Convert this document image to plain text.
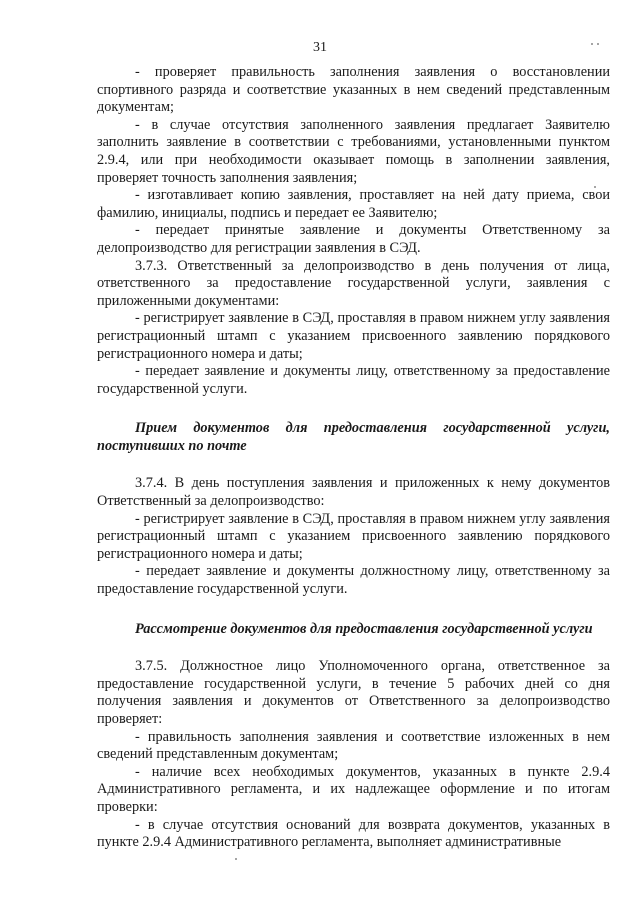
31

- проверяет правильность заполнения заявления о восстановлении спортивного разряда и соответствие указанных в нем сведений представленным документам;

- в случае отсутствия заполненного заявления предлагает Заявителю заполнить заявление в соответствии с требованиями, установленными пунктом 2.9.4, или при необходимости оказывает помощь в заполнении заявления, проверяет точность заполнения заявления;

- изготавливает копию заявления, проставляет на ней дату приема, свои фамилию, инициалы, подпись и передает ее Заявителю;

- передает принятые заявление и документы Ответственному за делопроизводство для регистрации заявления в СЭД.

3.7.3. Ответственный за делопроизводство в день получения от лица, ответственного за предоставление государственной услуги, заявления с приложенными документами:

- регистрирует заявление в СЭД, проставляя в правом нижнем углу заявления регистрационный штамп с указанием присвоенного заявлению порядкового регистрационного номера и даты;

- передает заявление и документы лицу, ответственному за предоставление государственной услуги.

Прием документов для предоставления государственной услуги, поступивших по почте

3.7.4. В день поступления заявления и приложенных к нему документов Ответственный за делопроизводство:

- регистрирует заявление в СЭД, проставляя в правом нижнем углу заявления регистрационный штамп с указанием присвоенного заявлению порядкового регистрационного номера и даты;

- передает заявление и документы должностному лицу, ответственному за предоставление государственной услуги.

Рассмотрение документов для предоставления государственной услуги

3.7.5. Должностное лицо Уполномоченного органа, ответственное за предоставление государственной услуги, в течение 5 рабочих дней со дня получения заявления и документов от Ответственного за делопроизводство проверяет:

- правильность заполнения заявления и соответствие изложенных в нем сведений представленным документам;

- наличие всех необходимых документов, указанных в пункте 2.9.4 Административного регламента, и их надлежащее оформление и по итогам проверки:

- в случае отсутствия оснований для возврата документов, указанных в пункте 2.9.4 Административного регламента, выполняет административные
